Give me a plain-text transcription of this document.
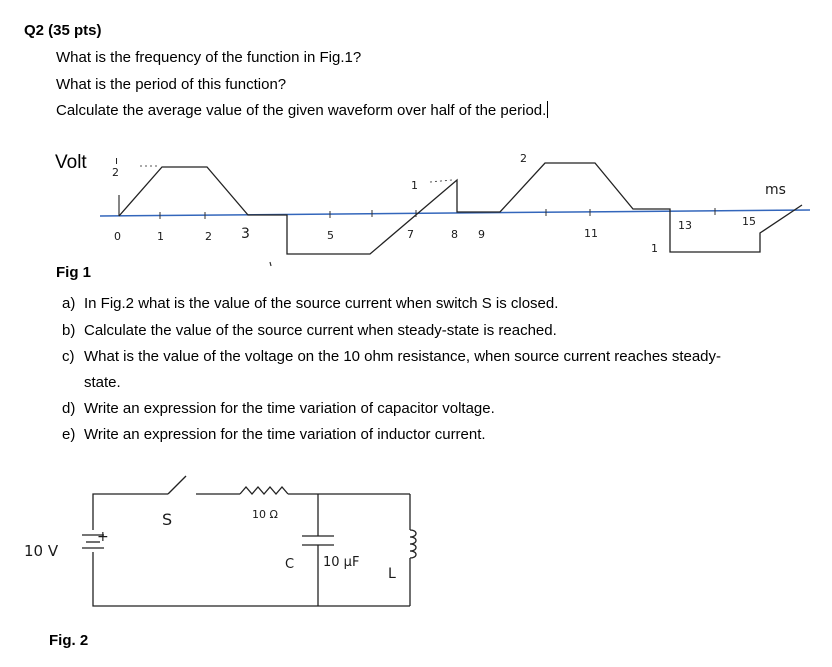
Q2 (35 pts)
What is the frequency of the function in Fig.1?
What is the period of this function?
Calculate the average value of the given waveform over half of the period.
Volt 2
ı
1
2
1
ms
0	1	2 3	5	7	8 9	11
13	15
Fig 1
a) In Fig.2 what is the value of the source current when switch S is closed.
b) Calculate the value of the source current when steady-state is reached.
c) What is the value of the voltage on the 10 ohm resistance, when source current reaches steady-
state.
d) Write an expression for the time variation of capacitor voltage.
e) Write an expression for the time variation of inductor current.
10 V
+
S	10 Ω
C 10 μF
L
Fig. 2
